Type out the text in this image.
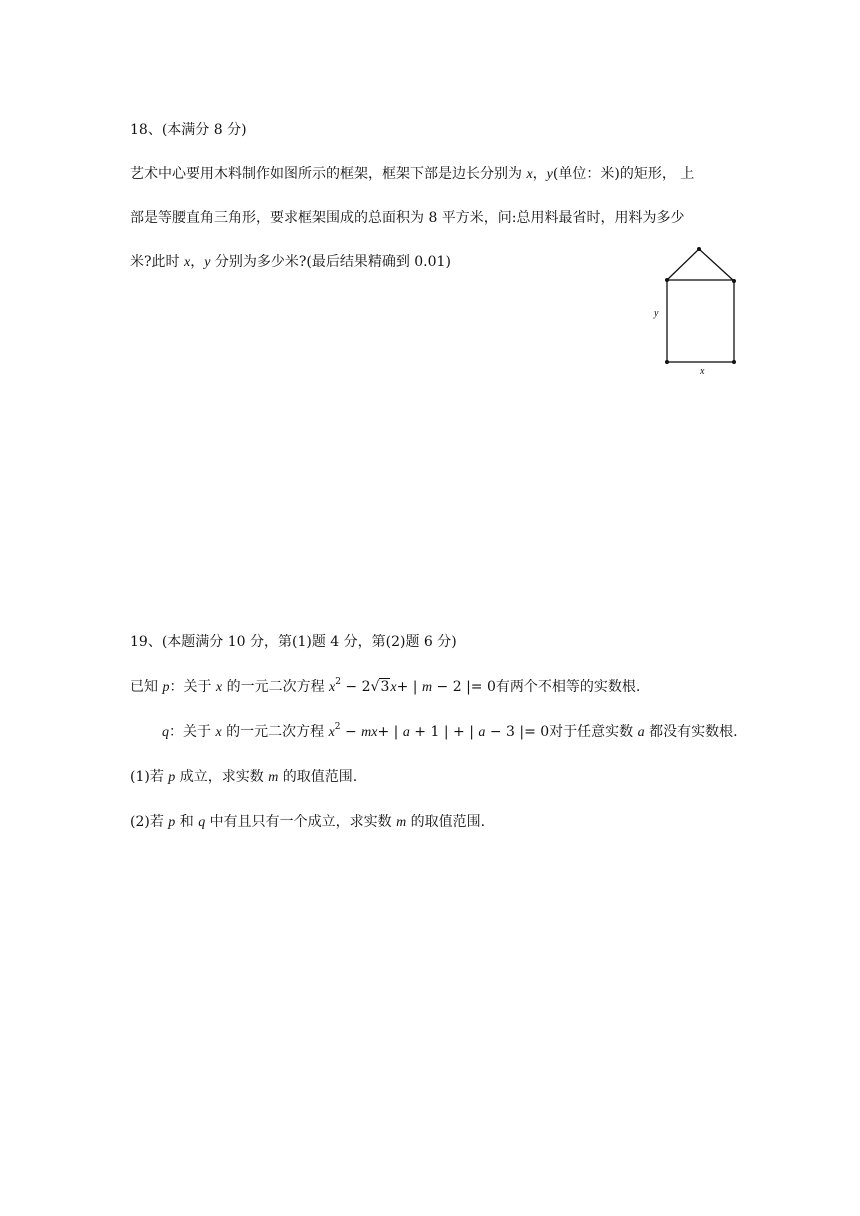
18、(本满分 8 分)
艺术中心要用木料制作如图所示的框架，框架下部是边长分别为 x，y(单位：米)的矩形， 上
部是等腰直角三角形，要求框架围成的总面积为 8 平方米，问:总用料最省时，用料为多少
米?此时 x，y 分别为多少米?(最后结果精确到 0.01)
y
x
19、(本题满分 10 分，第(1)题 4 分，第(2)题 6 分)
已知 p：关于 x 的一元二次方程 $x^2 - 2√3x+$ | m − 2 |= 0有两个不相等的实数根.
q：关于 x 的一元二次方程 $x^2 - mx+$ | a + 1 | + | a − 3 |= 0对于任意实数 a 都没有实数根.
(1)若 p 成立，求实数 m 的取值范围.
(2)若 p 和 q 中有且只有一个成立，求实数 m 的取值范围.
